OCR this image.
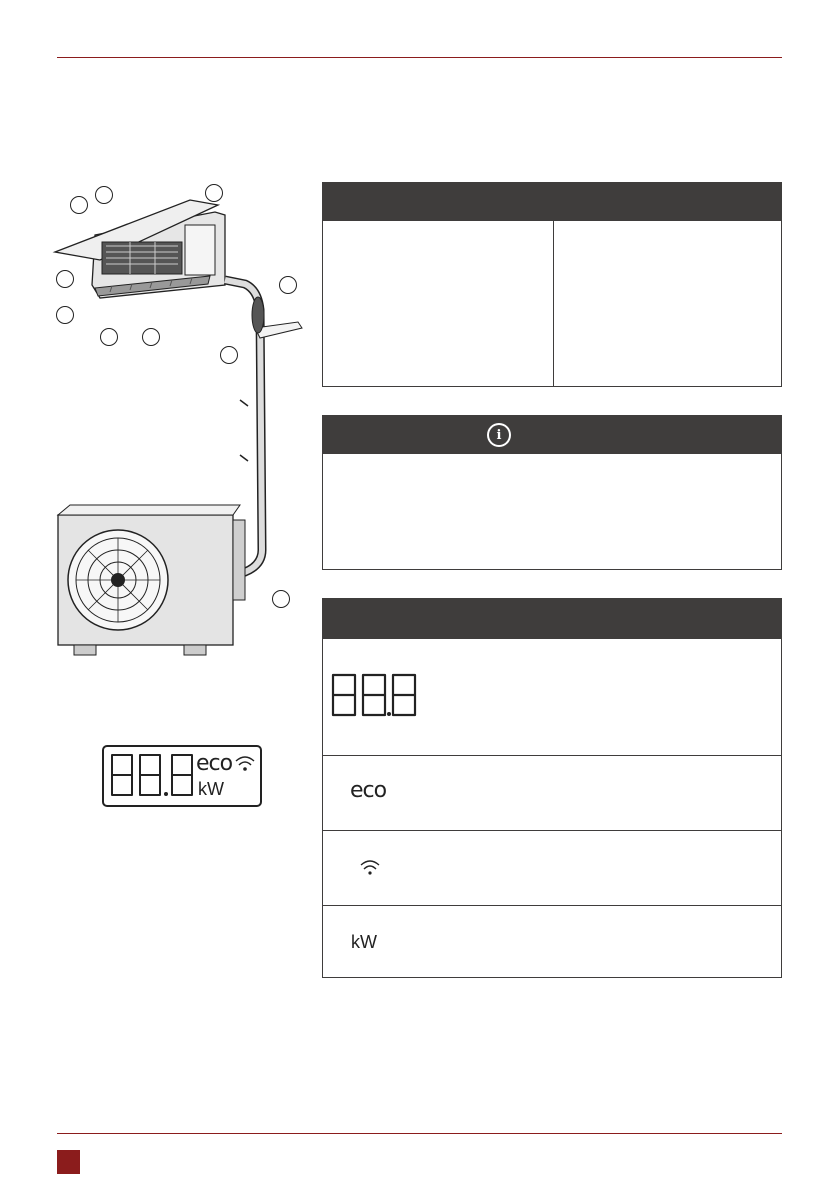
eco
kW
i
eco
kW
